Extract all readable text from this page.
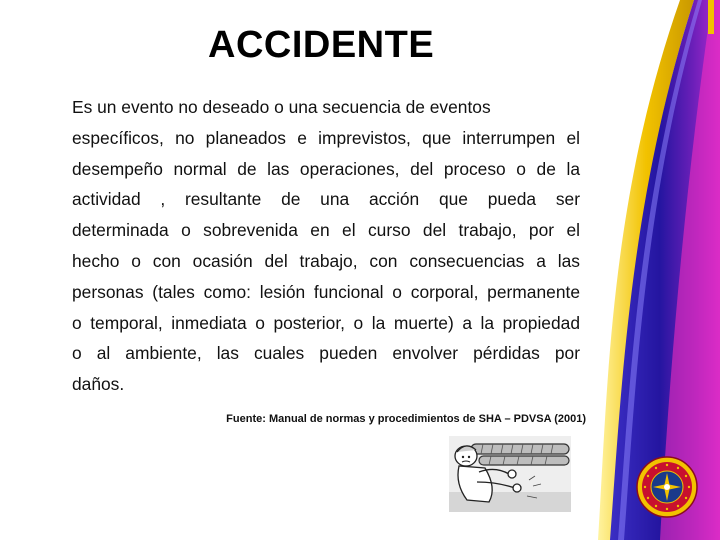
ACCIDENTE
Es un evento no deseado o una secuencia de eventos
específicos, no planeados e imprevistos, que interrumpen el
desempeño normal de las operaciones, del proceso o de la
actividad , resultante de una acción que pueda ser
determinada o sobrevenida en el curso del trabajo, por el
hecho o con ocasión del trabajo, con consecuencias a las
personas (tales como: lesión funcional o corporal, permanente
o temporal, inmediata o posterior, o la muerte) a la propiedad
o al ambiente, las cuales pueden envolver pérdidas por
daños.
Fuente: Manual de normas y procedimientos de SHA – PDVSA (2001)
